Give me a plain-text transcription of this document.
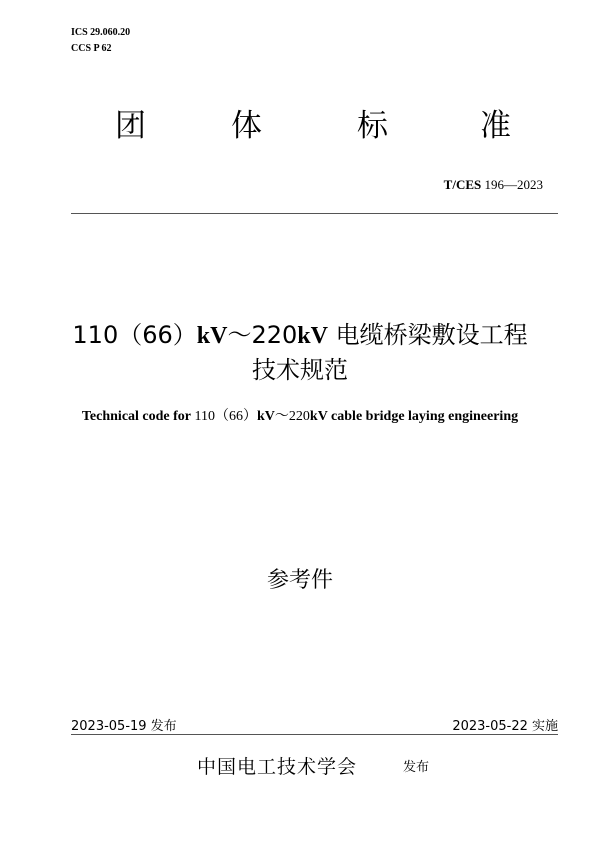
ICS 29.060.20
CCS P 62
团	体	标	准
T/CES 196—2023
110（66）kV～220kV 电缆桥梁敷设工程
技术规范
Technical code for 110（66）kV～220kV cable bridge laying engineering
参考件
2023-05-19 发布	2023-05-22 实施
中国电工技术学会	发布
